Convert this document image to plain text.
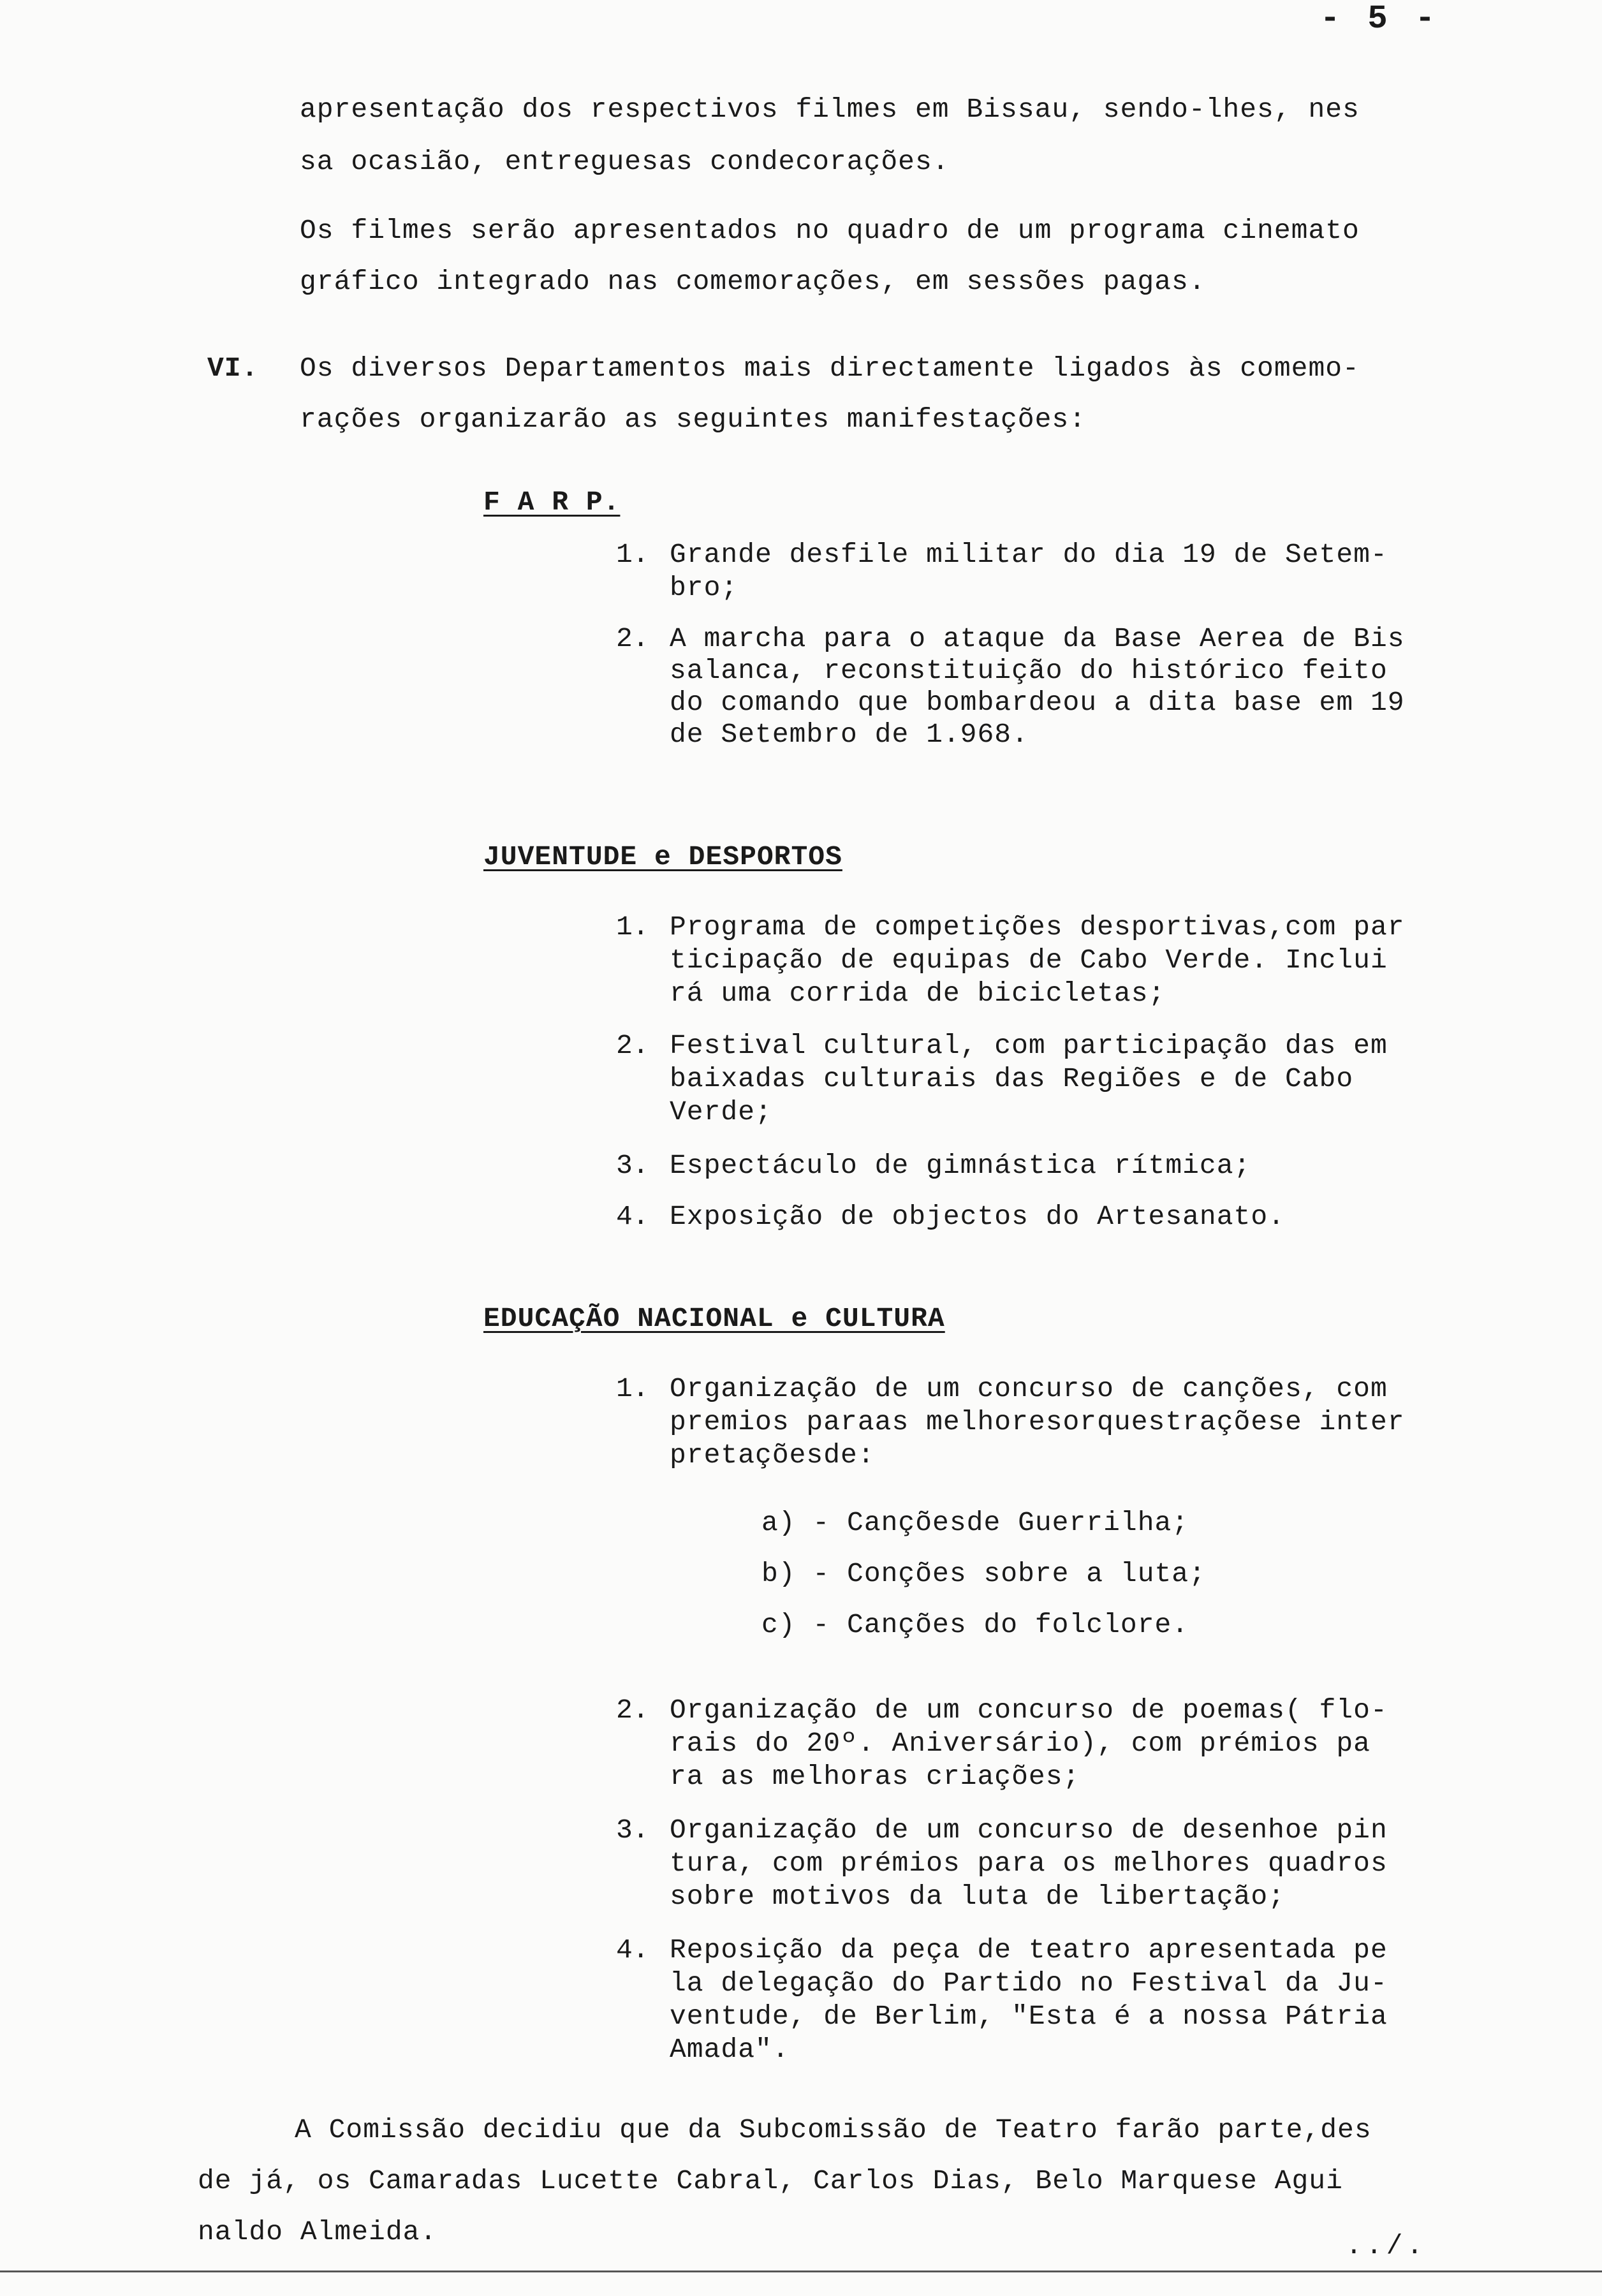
- 5 -
apresentação dos respectivos filmes em Bissau, sendo-lhes, nes
sa ocasião, entreguesas condecorações.
Os filmes serão apresentados no quadro de um programa cinemato
gráfico integrado nas comemorações, em sessões pagas.
VI. Os diversos Departamentos mais directamente ligados às comemo-
rações organizarão as seguintes manifestações:
F A R P.
1. Grande desfile militar do dia 19 de Setem-
bro;
2. A marcha para o ataque da Base Aerea de Bis
salanca, reconstituição do histórico feito
do comando que bombardeou a dita base em 19
de Setembro de 1.968.
JUVENTUDE e DESPORTOS
1. Programa de competições desportivas,com par
ticipação de equipas de Cabo Verde. Inclui
rá uma corrida de bicicletas;
2. Festival cultural, com participação das em
baixadas culturais das Regiões e de Cabo
Verde;
3. Espectáculo de gimnástica rítmica;
4. Exposição de objectos do Artesanato.
EDUCAÇÃO NACIONAL e CULTURA
1. Organização de um concurso de canções, com
premios paraas melhoresorquestraçõese inter
pretaçõesde:
a) - Cançõesde Guerrilha;
b) - Conções sobre a luta;
c) - Canções do folclore.
2. Organização de um concurso de poemas( flo-
rais do 20º. Aniversário), com prémios pa
ra as melhoras criações;
3. Organização de um concurso de desenhoe pin
tura, com prémios para os melhores quadros
sobre motivos da luta de libertação;
4. Reposição da peça de teatro apresentada pe
la delegação do Partido no Festival da Ju-
ventude, de Berlim, "Esta é a nossa Pátria
Amada".
A Comissão decidiu que da Subcomissão de Teatro farão parte,des
de já, os Camaradas Lucette Cabral, Carlos Dias, Belo Marquese Agui
naldo Almeida.	../.
